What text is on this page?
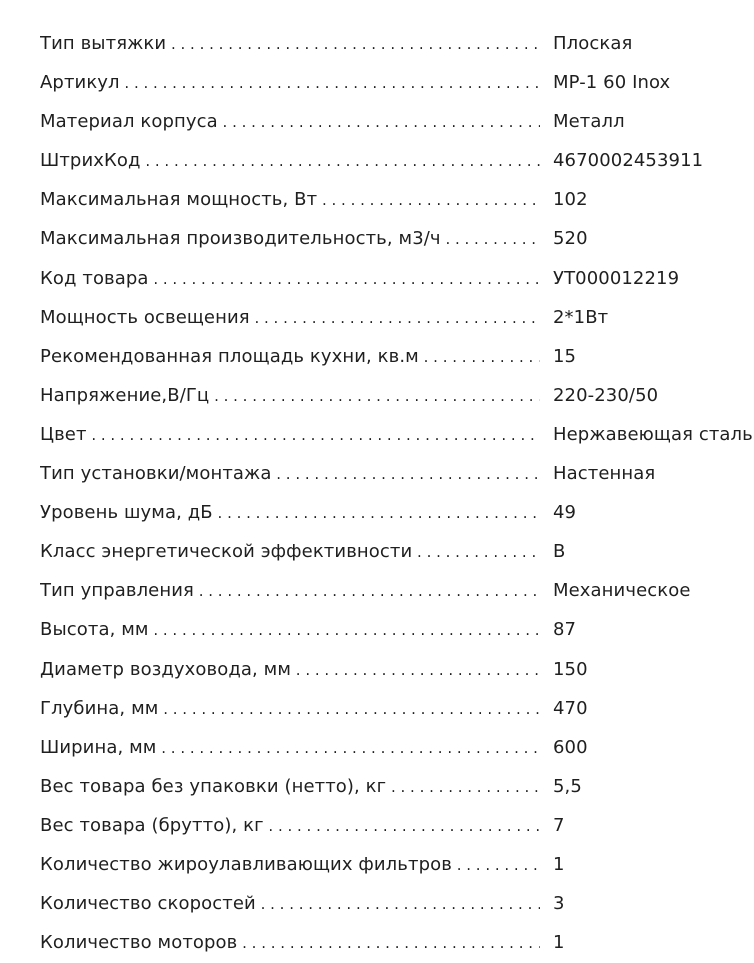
Тип вытяжки . . .	Плоская
Артикул . . .	MP-1 60 Inox
Материал корпуса . . .	Металл
ШтрихКод . . .	4670002453911
Максимальная мощность, Вт . . .	102
Максимальная производительность, м3/ч . . .	520
Код товара . . .	УТ000012219
Мощность освещения . . .	2*1Вт
Рекомендованная площадь кухни, кв.м . . .	15
Напряжение,В/Гц . . .	220-230/50
Цвет . . .	Нержавеющая сталь
Тип установки/монтажа . . .	Настенная
Уровень шума, дБ . . .	49
Класс энергетической эффективности . . .	B
Тип управления . . .	Механическое
Высота, мм . . .	87
Диаметр воздуховода, мм . . .	150
Глубина, мм . . .	470
Ширина, мм . . .	600
Вес товара без упаковки (нетто), кг . . .	5,5
Вес товара (брутто), кг . . .	7
Количество жироулавливающих фильтров . . .	1
Количество скоростей . . .	3
Количество моторов . . .	1
